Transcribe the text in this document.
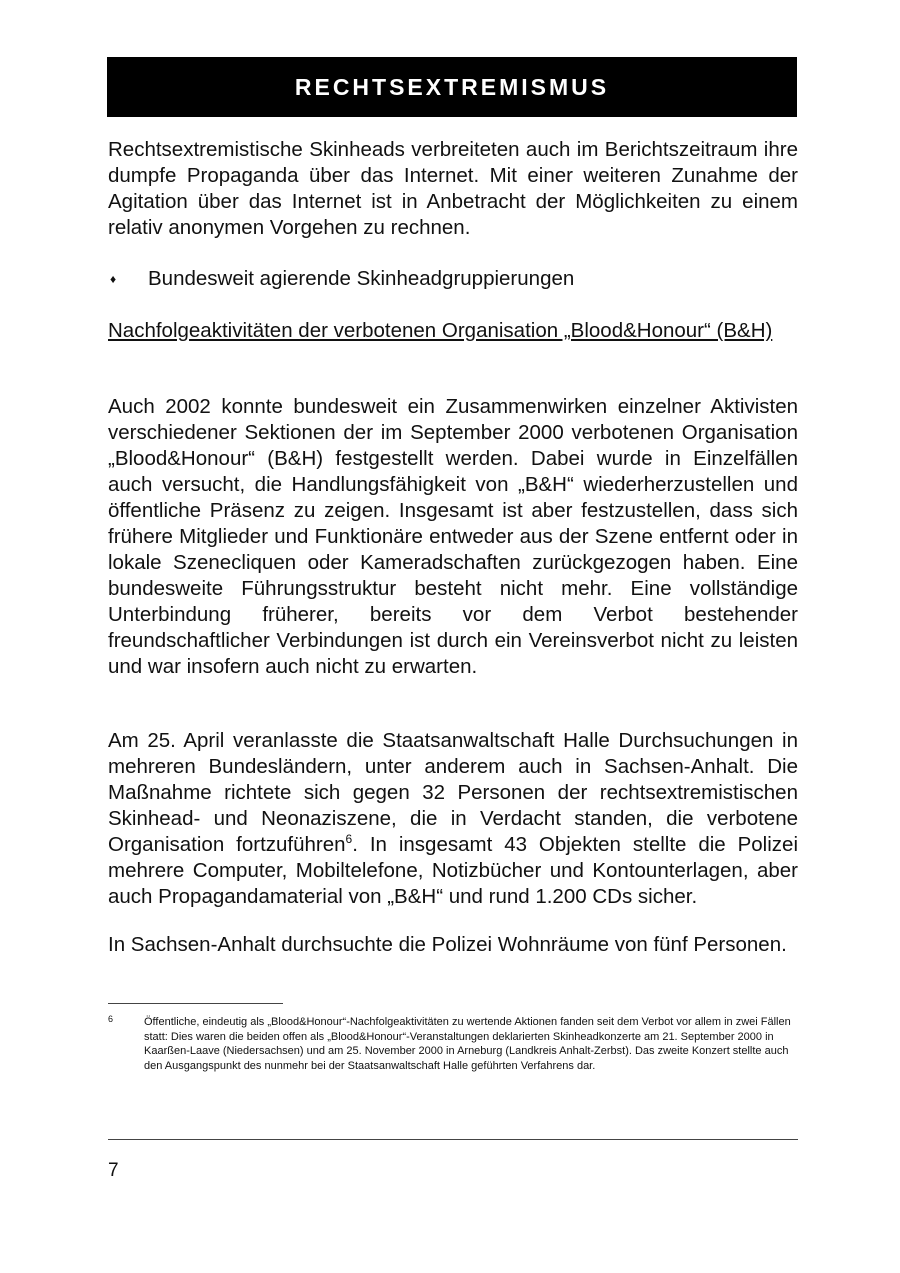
RECHTSEXTREMISMUS

Rechtsextremistische Skinheads verbreiteten auch im Berichtszeitraum ihre dumpfe Propaganda über das Internet. Mit einer weiteren Zunahme der Agitation über das Internet ist in Anbetracht der Möglichkeiten zu einem relativ anonymen Vorgehen zu rechnen.

♦	Bundesweit agierende Skinheadgruppierungen
Nachfolgeaktivitäten der verbotenen Organisation „Blood&Honour“ (B&H)

Auch 2002 konnte bundesweit ein Zusammenwirken einzelner Aktivisten verschiedener Sektionen der im September 2000 verbotenen Organisation „Blood&Honour“ (B&H) festgestellt werden. Dabei wurde in Einzelfällen auch versucht, die Handlungsfähigkeit von „B&H“ wiederherzustellen und öffentliche Präsenz zu zeigen. Insgesamt ist aber festzustellen, dass sich frühere Mitglieder und Funktionäre entweder aus der Szene entfernt oder in lokale Szenecliquen oder Kameradschaften zurückgezogen haben. Eine bundesweite Führungsstruktur besteht nicht mehr. Eine vollständige Unterbindung früherer, bereits vor dem Verbot bestehender freundschaftlicher Verbindungen ist durch ein Vereinsverbot nicht zu leisten und war insofern auch nicht zu erwarten.

Am 25. April veranlasste die Staatsanwaltschaft Halle Durchsuchungen in mehreren Bundesländern, unter anderem auch in Sachsen-Anhalt. Die Maßnahme richtete sich gegen 32 Personen der rechtsextremistischen Skinhead- und Neonaziszene, die in Verdacht standen, die verbotene Organisation fortzuführen$^6$. In insgesamt 43 Objekten stellte die Polizei mehrere Computer, Mobiltelefone, Notizbücher und Kontounterlagen, aber auch Propagandamaterial von „B&H“ und rund 1.200 CDs sicher.

In Sachsen-Anhalt durchsuchte die Polizei Wohnräume von fünf Personen.

6	Öffentliche, eindeutig als „Blood&Honour“-Nachfolgeaktivitäten zu wertende Aktionen fanden seit dem Verbot vor allem in zwei Fällen statt: Dies waren die beiden offen als „Blood&Honour“-Veranstaltungen deklarierten Skinheadkonzerte am 21. September 2000 in Kaarßen-Laave (Niedersachsen) und am 25. November 2000 in Arneburg (Landkreis Anhalt-Zerbst). Das zweite Konzert stellte auch den Ausgangspunkt des nunmehr bei der Staatsanwaltschaft Halle geführten Verfahrens dar.
7
